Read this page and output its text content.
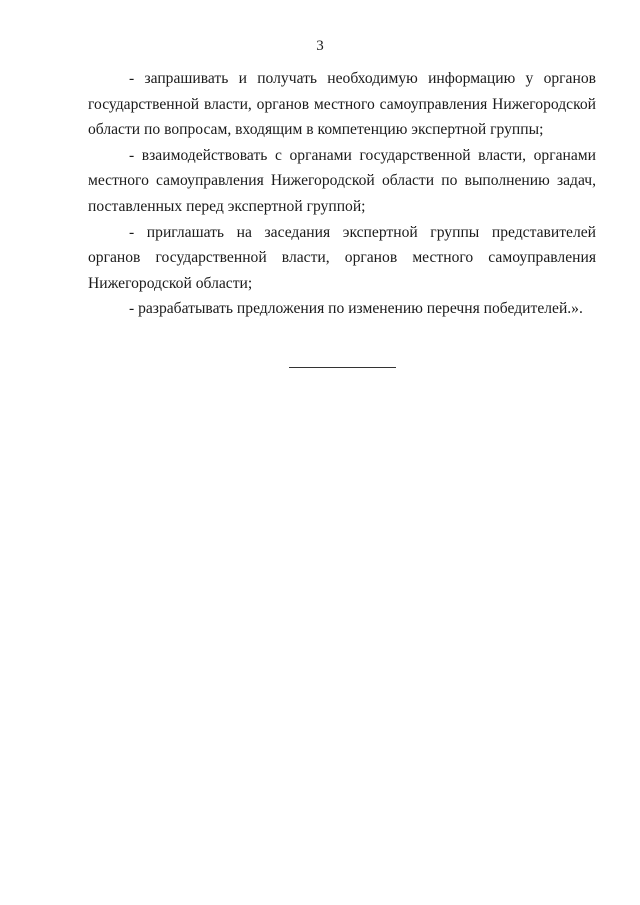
3

- запрашивать и получать необходимую информацию у органов государственной власти, органов местного самоуправления Нижегородской области по вопросам, входящим в компетенцию экспертной группы;

- взаимодействовать с органами государственной власти, органами местного самоуправления Нижегородской области по выполнению задач, поставленных перед экспертной группой;

- приглашать на заседания экспертной группы представителей органов государственной власти, органов местного самоуправления Нижегородской области;

- разрабатывать предложения по изменению перечня победителей.».
